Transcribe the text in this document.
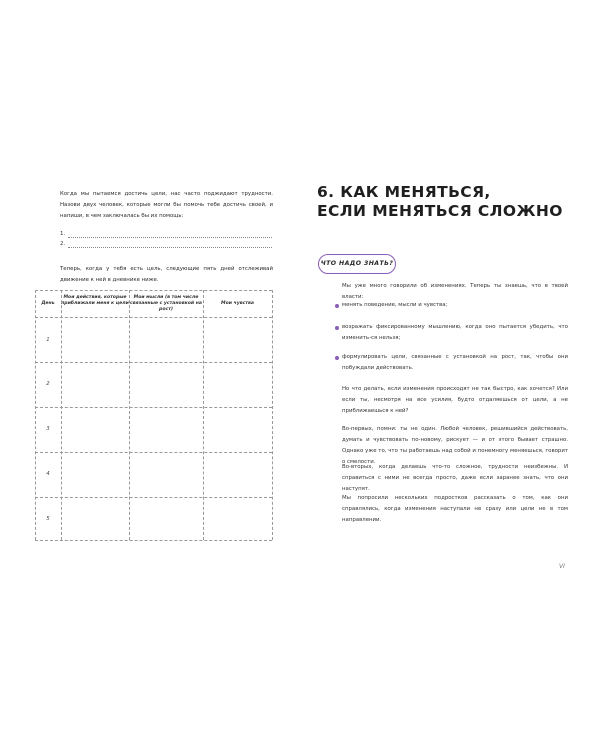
Когда мы пытаемся достичь цели, нас часто поджидают трудности. Назови двух человек, которые могли бы помочь тебе достичь своей, и напиши, в чем заключалась бы их помощь:
1.
2.
Теперь, когда у тебя есть цель, следующие пять дней отслеживай движение к ней в дневнике ниже.
День
Мои действия, которые приближали меня к цели
Мои мысли (в том числе связанные с установкой на рост)
Мои чувства
1
2
3
4
5
6. КАК МЕНЯТЬСЯ,
ЕСЛИ МЕНЯТЬСЯ СЛОЖНО
ЧТО НАДО ЗНАТЬ?
Мы уже много говорили об изменениях. Теперь ты знаешь, что в твоей власти:
менять поведение, мысли и чувства;
возражать фиксированному мышлению, когда оно пытается убедить, что изменить-ся нельзя;
формулировать цели, связанные с установкой на рост, так, чтобы они побуждали действовать.
Но что делать, если изменения происходят не так быстро, как хочется? Или если ты, несмотря на все усилия, будто отдаляешься от цели, а не приближаешься к ней?
Во-первых, помни: ты не один. Любой человек, решившийся действовать, думать и чувствовать по-новому, рискует — и от этого бывает страшно. Однако уже то, что ты работаешь над собой и понемногу меняешься, говорит о смелости.
Во-вторых, когда делаешь что-то сложное, трудности неизбежны. И справиться с ними не всегда просто, даже если заранее знать, что они наступят.
Мы попросили нескольких подростков рассказать о том, как они справлялись, когда изменения наступали не сразу или цели не в том направлении.
VI
